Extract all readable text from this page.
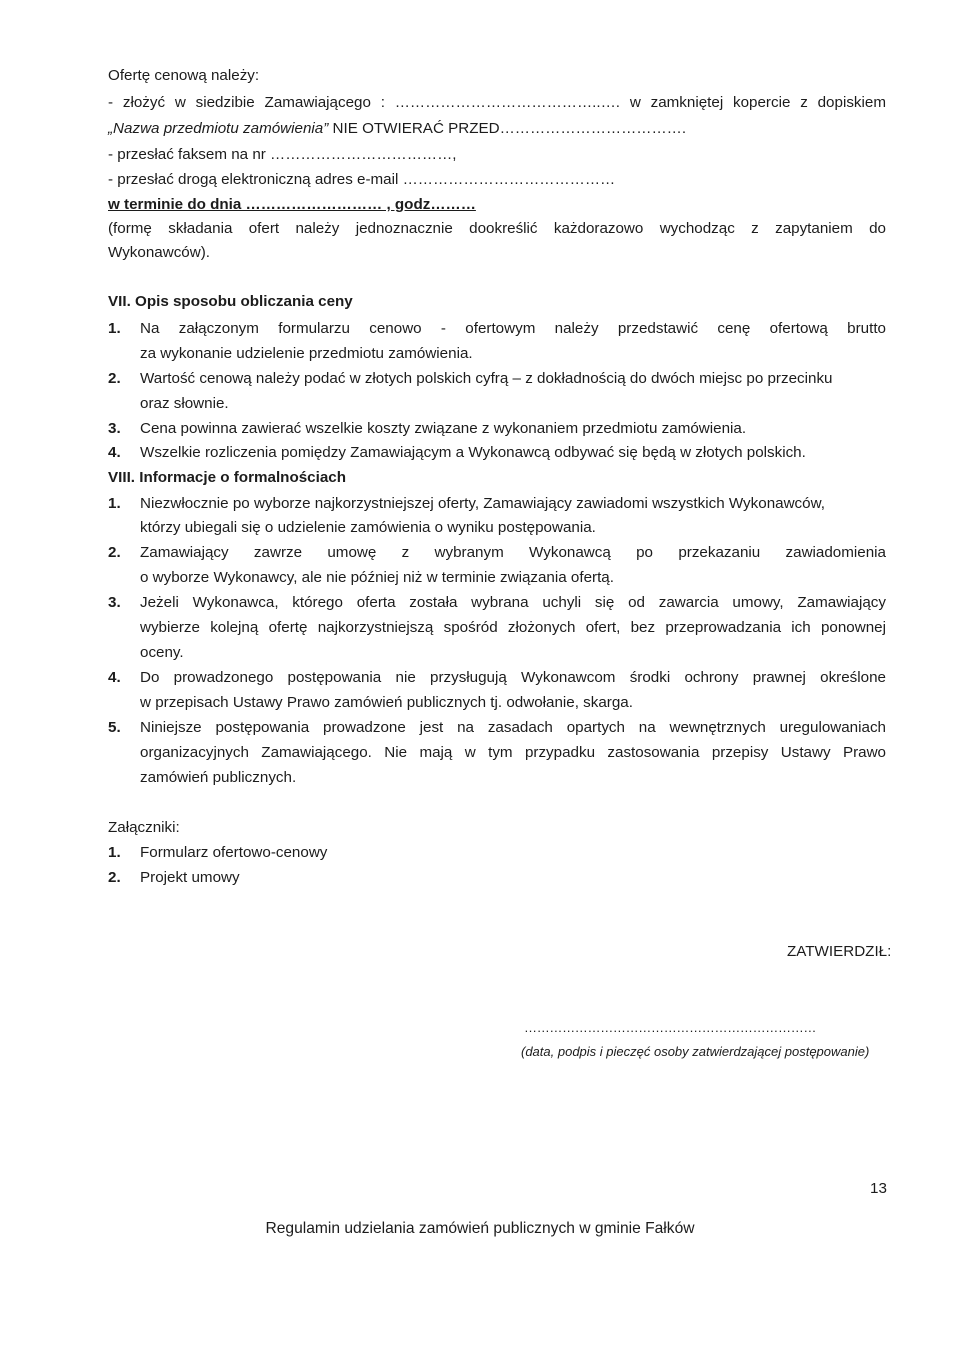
Ofertę cenową należy:

- złożyć w siedzibie Zamawiającego : …………………………………..…. w zamkniętej kopercie z dopiskiem

„Nazwa przedmiotu zamówienia” NIE OTWIERAĆ PRZED……………………………….

- przesłać faksem na nr ………………………………,

- przesłać drogą elektroniczną adres e-mail ……………………………………

w terminie do dnia ……………………… , godz………

(formę składania ofert należy jednoznacznie dookreślić każdorazowo wychodząc z zapytaniem do

Wykonawców).

VII. Opis sposobu obliczania ceny

1. Na załączonym formularzu cenowo - ofertowym należy przedstawić cenę ofertową brutto

za wykonanie udzielenie przedmiotu zamówienia.

2. Wartość cenową należy podać w złotych polskich cyfrą – z dokładnością do dwóch miejsc po przecinku

oraz słownie.

3. Cena powinna zawierać wszelkie koszty związane z wykonaniem przedmiotu zamówienia.

4. Wszelkie rozliczenia pomiędzy Zamawiającym a Wykonawcą odbywać się będą w złotych polskich.

VIII. Informacje o formalnościach

1. Niezwłocznie po wyborze najkorzystniejszej oferty, Zamawiający zawiadomi wszystkich Wykonawców,

którzy ubiegali się o udzielenie zamówienia o wyniku postępowania.

2. Zamawiający zawrze umowę z wybranym Wykonawcą po przekazaniu zawiadomienia

o wyborze Wykonawcy, ale nie później niż w terminie związania ofertą.

3. Jeżeli Wykonawca, którego oferta została wybrana uchyli się od zawarcia umowy, Zamawiający

wybierze kolejną ofertę najkorzystniejszą spośród złożonych ofert, bez przeprowadzania ich ponownej

oceny.

4. Do prowadzonego postępowania nie przysługują Wykonawcom środki ochrony prawnej określone

w przepisach Ustawy Prawo zamówień publicznych tj. odwołanie, skarga.

5. Niniejsze postępowania prowadzone jest na zasadach opartych na wewnętrznych uregulowaniach

organizacyjnych Zamawiającego. Nie mają w tym przypadku zastosowania przepisy Ustawy Prawo

zamówień publicznych.

Załączniki:

1. Formularz ofertowo-cenowy

2. Projekt umowy

ZATWIERDZIŁ:

……………………………………………………………

(data, podpis i pieczęć osoby zatwierdzającej postępowanie)

13

Regulamin udzielania zamówień publicznych w gminie Fałków
